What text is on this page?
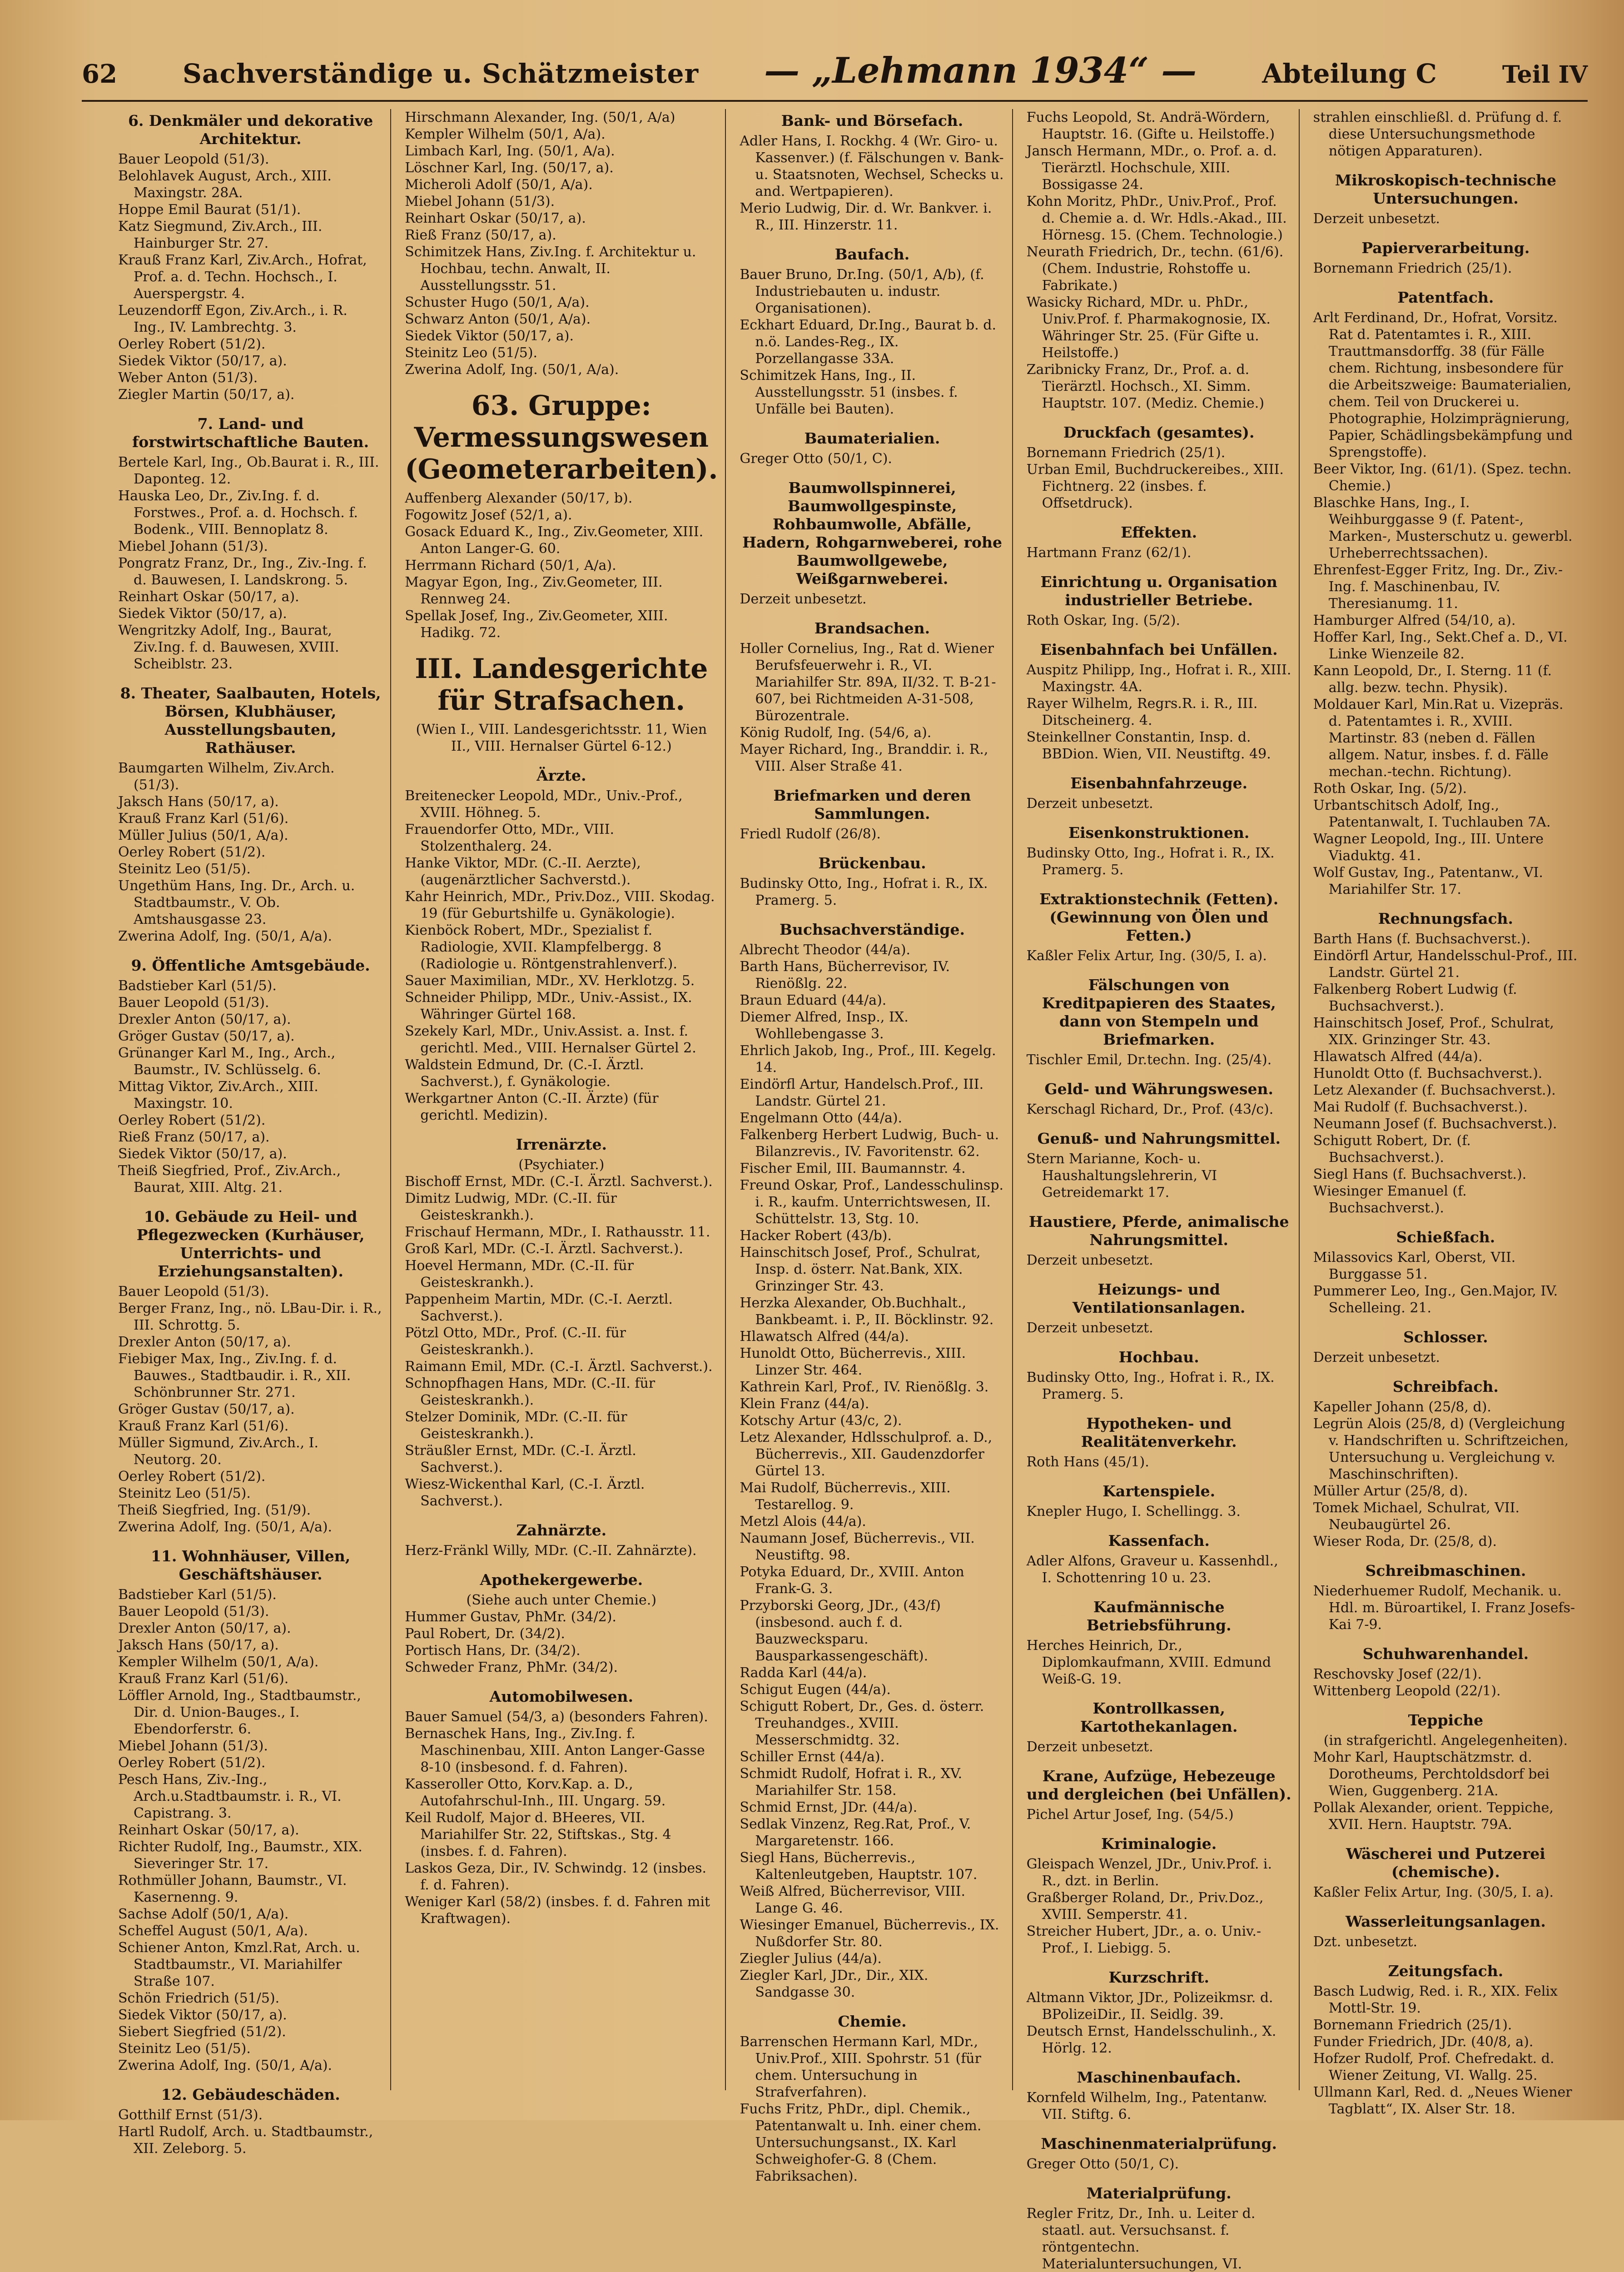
62 Sachverständige u. Schätzmeister — „Lehmann 1934“ — Abteilung C	Teil IV
6. Denkmäler und dekorative Architektur.
Bauer Leopold (51/3).
Belohlavek August, Arch., XIII. Maxingstr. 28A.
Hoppe Emil Baurat (51/1).
Katz Siegmund, Ziv.Arch., III. Hainburger Str. 27.
Krauß Franz Karl, Ziv.Arch., Hofrat, Prof. a. d. Techn. Hochsch., I. Auerspergstr. 4.
Leuzendorff Egon, Ziv.Arch., i. R. Ing., IV. Lambrechtg. 3.
Oerley Robert (51/2).
Siedek Viktor (50/17, a).
Weber Anton (51/3).
Ziegler Martin (50/17, a).
7. Land- und forstwirtschaftliche Bauten.
Bertele Karl, Ing., Ob.Baurat i. R., III. Daponteg. 12.
Hauska Leo, Dr., Ziv.Ing. f. d. Forstwes., Prof. a. d. Hochsch. f. Bodenk., VIII. Bennoplatz 8.
Miebel Johann (51/3).
Pongratz Franz, Dr., Ing., Ziv.-Ing. f. d. Bauwesen, I. Landskrong. 5.
Reinhart Oskar (50/17, a).
Siedek Viktor (50/17, a).
Wengritzky Adolf, Ing., Baurat, Ziv.Ing. f. d. Bauwesen, XVIII. Scheiblstr. 23.
8. Theater, Saalbauten, Hotels, Börsen, Klubhäuser, Ausstellungsbauten, Rathäuser.
Baumgarten Wilhelm, Ziv.Arch. (51/3).
Jaksch Hans (50/17, a).
Krauß Franz Karl (51/6).
Müller Julius (50/1, A/a).
Oerley Robert (51/2).
Steinitz Leo (51/5).
Ungethüm Hans, Ing. Dr., Arch. u. Stadtbaumstr., V. Ob. Amtshausgasse 23.
Zwerina Adolf, Ing. (50/1, A/a).
9. Öffentliche Amtsgebäude.
Badstieber Karl (51/5).
Bauer Leopold (51/3).
Drexler Anton (50/17, a).
Gröger Gustav (50/17, a).
Grünanger Karl M., Ing., Arch., Baumstr., IV. Schlüsselg. 6.
Mittag Viktor, Ziv.Arch., XIII. Maxingstr. 10.
Oerley Robert (51/2).
Rieß Franz (50/17, a).
Siedek Viktor (50/17, a).
Theiß Siegfried, Prof., Ziv.Arch., Baurat, XIII. Altg. 21.
10. Gebäude zu Heil- und Pflegezwecken (Kurhäuser, Unterrichts- und Erziehungsanstalten).
Bauer Leopold (51/3).
Berger Franz, Ing., nö. LBau-Dir. i. R., III. Schrottg. 5.
Drexler Anton (50/17, a).
Fiebiger Max, Ing., Ziv.Ing. f. d. Bauwes., Stadtbaudir. i. R., XII. Schönbrunner Str. 271.
Gröger Gustav (50/17, a).
Krauß Franz Karl (51/6).
Müller Sigmund, Ziv.Arch., I. Neutorg. 20.
Oerley Robert (51/2).
Steinitz Leo (51/5).
Theiß Siegfried, Ing. (51/9).
Zwerina Adolf, Ing. (50/1, A/a).
11. Wohnhäuser, Villen, Geschäftshäuser.
Badstieber Karl (51/5).
Bauer Leopold (51/3).
Drexler Anton (50/17, a).
Jaksch Hans (50/17, a).
Kempler Wilhelm (50/1, A/a).
Krauß Franz Karl (51/6).
Löffler Arnold, Ing., Stadtbaumstr., Dir. d. Union-Bauges., I. Ebendorferstr. 6.
Miebel Johann (51/3).
Oerley Robert (51/2).
Pesch Hans, Ziv.-Ing., Arch.u.Stadtbaumstr. i. R., VI. Capistrang. 3.
Reinhart Oskar (50/17, a).
Richter Rudolf, Ing., Baumstr., XIX. Sieveringer Str. 17.
Rothmüller Johann, Baumstr., VI. Kasernenng. 9.
Sachse Adolf (50/1, A/a).
Scheffel August (50/1, A/a).
Schiener Anton, Kmzl.Rat, Arch. u. Stadtbaumstr., VI. Mariahilfer Straße 107.
Schön Friedrich (51/5).
Siedek Viktor (50/17, a).
Siebert Siegfried (51/2).
Steinitz Leo (51/5).
Zwerina Adolf, Ing. (50/1, A/a).
12. Gebäudeschäden.
Gotthilf Ernst (51/3).
Hartl Rudolf, Arch. u. Stadtbaumstr., XII. Zeleborg. 5.
Hirschmann Alexander, Ing. (50/1, A/a)
Kempler Wilhelm (50/1, A/a).
Limbach Karl, Ing. (50/1, A/a).
Löschner Karl, Ing. (50/17, a).
Micheroli Adolf (50/1, A/a).
Miebel Johann (51/3).
Reinhart Oskar (50/17, a).
Rieß Franz (50/17, a).
Schimitzek Hans, Ziv.Ing. f. Architektur u. Hochbau, techn. Anwalt, II. Ausstellungsstr. 51.
Schuster Hugo (50/1, A/a).
Schwarz Anton (50/1, A/a).
Siedek Viktor (50/17, a).
Steinitz Leo (51/5).
Zwerina Adolf, Ing. (50/1, A/a).
63. Gruppe: Vermessungswesen (Geometerarbeiten).
Auffenberg Alexander (50/17, b).
Fogowitz Josef (52/1, a).
Gosack Eduard K., Ing., Ziv.Geometer, XIII. Anton Langer-G. 60.
Herrmann Richard (50/1, A/a).
Magyar Egon, Ing., Ziv.Geometer, III. Rennweg 24.
Spellak Josef, Ing., Ziv.Geometer, XIII. Hadikg. 72.
III. Landesgerichte für Strafsachen.
(Wien I., VIII. Landesgerichtsstr. 11, Wien II., VIII. Hernalser Gürtel 6-12.)
Ärzte.
Breitenecker Leopold, MDr., Univ.-Prof., XVIII. Höhneg. 5.
Frauendorfer Otto, MDr., VIII. Stolzenthalerg. 24.
Hanke Viktor, MDr. (C.-II. Aerzte), (augenärztlicher Sachverstd.).
Kahr Heinrich, MDr., Priv.Doz., VIII. Skodag. 19 (für Geburtshilfe u. Gynäkologie).
Kienböck Robert, MDr., Spezialist f. Radiologie, XVII. Klampfelbergg. 8 (Radiologie u. Röntgenstrahlenverf.).
Sauer Maximilian, MDr., XV. Herklotzg. 5.
Schneider Philipp, MDr., Univ.-Assist., IX. Währinger Gürtel 168.
Szekely Karl, MDr., Univ.Assist. a. Inst. f. gerichtl. Med., VIII. Hernalser Gürtel 2.
Waldstein Edmund, Dr. (C.-I. Ärztl. Sachverst.), f. Gynäkologie.
Werkgartner Anton (C.-II. Ärzte) (für gerichtl. Medizin).
Irrenärzte.
(Psychiater.)
Bischoff Ernst, MDr. (C.-I. Ärztl. Sachverst.).
Dimitz Ludwig, MDr. (C.-II. für Geisteskrankh.).
Frischauf Hermann, MDr., I. Rathausstr. 11.
Groß Karl, MDr. (C.-I. Ärztl. Sachverst.).
Hoevel Hermann, MDr. (C.-II. für Geisteskrankh.).
Pappenheim Martin, MDr. (C.-I. Aerztl. Sachverst.).
Pötzl Otto, MDr., Prof. (C.-II. für Geisteskrankh.).
Raimann Emil, MDr. (C.-I. Ärztl. Sachverst.).
Schnopfhagen Hans, MDr. (C.-II. für Geisteskrankh.).
Stelzer Dominik, MDr. (C.-II. für Geisteskrankh.).
Sträußler Ernst, MDr. (C.-I. Ärztl. Sachverst.).
Wiesz-Wickenthal Karl, (C.-I. Ärztl. Sachverst.).
Zahnärzte.
Herz-Fränkl Willy, MDr. (C.-II. Zahnärzte).
Apothekergewerbe.
(Siehe auch unter Chemie.)
Hummer Gustav, PhMr. (34/2).
Paul Robert, Dr. (34/2).
Portisch Hans, Dr. (34/2).
Schweder Franz, PhMr. (34/2).
Automobilwesen.
Bauer Samuel (54/3, a) (besonders Fahren).
Bernaschek Hans, Ing., Ziv.Ing. f. Maschinenbau, XIII. Anton Langer-Gasse 8-10 (insbesond. f. d. Fahren).
Kasseroller Otto, Korv.Kap. a. D., Autofahrschul-Inh., III. Ungarg. 59.
Keil Rudolf, Major d. BHeeres, VII. Mariahilfer Str. 22, Stiftskas., Stg. 4 (insbes. f. d. Fahren).
Laskos Geza, Dir., IV. Schwindg. 12 (insbes. f. d. Fahren).
Weniger Karl (58/2) (insbes. f. d. Fahren mit Kraftwagen).
Bank- und Börsefach.
Adler Hans, I. Rockhg. 4 (Wr. Giro- u. Kassenver.) (f. Fälschungen v. Bank- u. Staatsnoten, Wechsel, Schecks u. and. Wertpapieren).
Merio Ludwig, Dir. d. Wr. Bankver. i. R., III. Hinzerstr. 11.
Baufach.
Bauer Bruno, Dr.Ing. (50/1, A/b), (f. Industriebauten u. industr. Organisationen).
Eckhart Eduard, Dr.Ing., Baurat b. d. n.ö. Landes-Reg., IX. Porzellangasse 33A.
Schimitzek Hans, Ing., II. Ausstellungsstr. 51 (insbes. f. Unfälle bei Bauten).
Baumaterialien.
Greger Otto (50/1, C).
Baumwollspinnerei, Baumwollgespinste, Rohbaumwolle, Abfälle, Hadern, Rohgarnweberei, rohe Baumwollgewebe, Weißgarnweberei.
Derzeit unbesetzt.
Brandsachen.
Holler Cornelius, Ing., Rat d. Wiener Berufsfeuerwehr i. R., VI. Mariahilfer Str. 89A, II/32. T. B-21-607, bei Richtmeiden A-31-508, Bürozentrale.
König Rudolf, Ing. (54/6, a).
Mayer Richard, Ing., Branddir. i. R., VIII. Alser Straße 41.
Briefmarken und deren Sammlungen.
Friedl Rudolf (26/8).
Brückenbau.
Budinsky Otto, Ing., Hofrat i. R., IX. Pramerg. 5.
Buchsachverständige.
Albrecht Theodor (44/a).
Barth Hans, Bücherrevisor, IV. Rienößlg. 22.
Braun Eduard (44/a).
Diemer Alfred, Insp., IX. Wohllebengasse 3.
Ehrlich Jakob, Ing., Prof., III. Kegelg. 14.
Eindörfl Artur, Handelsch.Prof., III. Landstr. Gürtel 21.
Engelmann Otto (44/a).
Falkenberg Herbert Ludwig, Buch- u. Bilanzrevis., IV. Favoritenstr. 62.
Fischer Emil, III. Baumannstr. 4.
Freund Oskar, Prof., Landesschulinsp. i. R., kaufm. Unterrichtswesen, II. Schüttelstr. 13, Stg. 10.
Hacker Robert (43/b).
Hainschitsch Josef, Prof., Schulrat, Insp. d. österr. Nat.Bank, XIX. Grinzinger Str. 43.
Herzka Alexander, Ob.Buchhalt., Bankbeamt. i. P., II. Böcklinstr. 92.
Hlawatsch Alfred (44/a).
Hunoldt Otto, Bücherrevis., XIII. Linzer Str. 464.
Kathrein Karl, Prof., IV. Rienößlg. 3.
Klein Franz (44/a).
Kotschy Artur (43/c, 2).
Letz Alexander, Hdlsschulprof. a. D., Bücherrevis., XII. Gaudenzdorfer Gürtel 13.
Mai Rudolf, Bücherrevis., XIII. Testarellog. 9.
Metzl Alois (44/a).
Naumann Josef, Bücherrevis., VII. Neustiftg. 98.
Potyka Eduard, Dr., XVIII. Anton Frank-G. 3.
Przyborski Georg, JDr., (43/f) (insbesond. auch f. d. Bauzwecksparu. Bausparkassengeschäft).
Radda Karl (44/a).
Schigut Eugen (44/a).
Schigutt Robert, Dr., Ges. d. österr. Treuhandges., XVIII. Messerschmidtg. 32.
Schiller Ernst (44/a).
Schmidt Rudolf, Hofrat i. R., XV. Mariahilfer Str. 158.
Schmid Ernst, JDr. (44/a).
Sedlak Vinzenz, Reg.Rat, Prof., V. Margaretenstr. 166.
Siegl Hans, Bücherrevis., Kaltenleutgeben, Hauptstr. 107.
Weiß Alfred, Bücherrevisor, VIII. Lange G. 46.
Wiesinger Emanuel, Bücherrevis., IX. Nußdorfer Str. 80.
Ziegler Julius (44/a).
Ziegler Karl, JDr., Dir., XIX. Sandgasse 30.
Chemie.
Barrenschen Hermann Karl, MDr., Univ.Prof., XIII. Spohrstr. 51 (für chem. Untersuchung in Strafverfahren).
Fuchs Fritz, PhDr., dipl. Chemik., Patentanwalt u. Inh. einer chem. Untersuchungsanst., IX. Karl Schweighofer-G. 8 (Chem. Fabriksachen).
Fuchs Leopold, St. Andrä-Wördern, Hauptstr. 16. (Gifte u. Heilstoffe.)
Jansch Hermann, MDr., o. Prof. a. d. Tierärztl. Hochschule, XIII. Bossigasse 24.
Kohn Moritz, PhDr., Univ.Prof., Prof. d. Chemie a. d. Wr. Hdls.-Akad., III. Hörnesg. 15. (Chem. Technologie.)
Neurath Friedrich, Dr., techn. (61/6). (Chem. Industrie, Rohstoffe u. Fabrikate.)
Wasicky Richard, MDr. u. PhDr., Univ.Prof. f. Pharmakognosie, IX. Währinger Str. 25. (Für Gifte u. Heilstoffe.)
Zaribnicky Franz, Dr., Prof. a. d. Tierärztl. Hochsch., XI. Simm. Hauptstr. 107. (Mediz. Chemie.)
Druckfach (gesamtes).
Bornemann Friedrich (25/1).
Urban Emil, Buchdruckereibes., XIII. Fichtnerg. 22 (insbes. f. Offsetdruck).
Effekten.
Hartmann Franz (62/1).
Einrichtung u. Organisation industrieller Betriebe.
Roth Oskar, Ing. (5/2).
Eisenbahnfach bei Unfällen.
Auspitz Philipp, Ing., Hofrat i. R., XIII. Maxingstr. 4A.
Rayer Wilhelm, Regrs.R. i. R., III. Ditscheinerg. 4.
Steinkellner Constantin, Insp. d. BBDion. Wien, VII. Neustiftg. 49.
Eisenbahnfahrzeuge.
Derzeit unbesetzt.
Eisenkonstruktionen.
Budinsky Otto, Ing., Hofrat i. R., IX. Pramerg. 5.
Extraktionstechnik (Fetten). (Gewinnung von Ölen und Fetten.)
Kaßler Felix Artur, Ing. (30/5, I. a).
Fälschungen von Kreditpapieren des Staates, dann von Stempeln und Briefmarken.
Tischler Emil, Dr.techn. Ing. (25/4).
Geld- und Währungswesen.
Kerschagl Richard, Dr., Prof. (43/c).
Genuß- und Nahrungsmittel.
Stern Marianne, Koch- u. Haushaltungslehrerin, VI Getreidemarkt 17.
Haustiere, Pferde, animalische Nahrungsmittel.
Derzeit unbesetzt.
Heizungs- und Ventilationsanlagen.
Derzeit unbesetzt.
Hochbau.
Budinsky Otto, Ing., Hofrat i. R., IX. Pramerg. 5.
Hypotheken- und Realitätenverkehr.
Roth Hans (45/1).
Kartenspiele.
Knepler Hugo, I. Schellingg. 3.
Kassenfach.
Adler Alfons, Graveur u. Kassenhdl., I. Schottenring 10 u. 23.
Kaufmännische Betriebsführung.
Herches Heinrich, Dr., Diplomkaufmann, XVIII. Edmund Weiß-G. 19.
Kontrollkassen, Kartothekanlagen.
Derzeit unbesetzt.
Krane, Aufzüge, Hebezeuge und dergleichen (bei Unfällen).
Pichel Artur Josef, Ing. (54/5.)
Kriminalogie.
Gleispach Wenzel, JDr., Univ.Prof. i. R., dzt. in Berlin.
Graßberger Roland, Dr., Priv.Doz., XVIII. Semperstr. 41.
Streicher Hubert, JDr., a. o. Univ.-Prof., I. Liebigg. 5.
Kurzschrift.
Altmann Viktor, JDr., Polizeikmsr. d. BPolizeiDir., II. Seidlg. 39.
Deutsch Ernst, Handelsschulinh., X. Hörlg. 12.
Maschinenbaufach.
Kornfeld Wilhelm, Ing., Patentanw. VII. Stiftg. 6.
Maschinenmaterialprüfung.
Greger Otto (50/1, C).
Materialprüfung.
Regler Fritz, Dr., Inh. u. Leiter d. staatl. aut. Versuchsanst. f. röntgentechn. Materialuntersuchungen, VI.
strahlen einschließl. d. Prüfung d. f. diese Untersuchungsmethode nötigen Apparaturen).
Mikroskopisch-technische Untersuchungen.
Derzeit unbesetzt.
Papierverarbeitung.
Bornemann Friedrich (25/1).
Patentfach.
Arlt Ferdinand, Dr., Hofrat, Vorsitz. Rat d. Patentamtes i. R., XIII. Trauttmansdorffg. 38 (für Fälle chem. Richtung, insbesondere für die Arbeitszweige: Baumaterialien, chem. Teil von Druckerei u. Photographie, Holzimprägnierung, Papier, Schädlingsbekämpfung und Sprengstoffe).
Beer Viktor, Ing. (61/1). (Spez. techn. Chemie.)
Blaschke Hans, Ing., I. Weihburggasse 9 (f. Patent-, Marken-, Musterschutz u. gewerbl. Urheberrechtssachen).
Ehrenfest-Egger Fritz, Ing. Dr., Ziv.-Ing. f. Maschinenbau, IV. Theresianumg. 11.
Hamburger Alfred (54/10, a).
Hoffer Karl, Ing., Sekt.Chef a. D., VI. Linke Wienzeile 82.
Kann Leopold, Dr., I. Sterng. 11 (f. allg. bezw. techn. Physik).
Moldauer Karl, Min.Rat u. Vizepräs. d. Patentamtes i. R., XVIII. Martinstr. 83 (neben d. Fällen allgem. Natur, insbes. f. d. Fälle mechan.-techn. Richtung).
Roth Oskar, Ing. (5/2).
Urbantschitsch Adolf, Ing., Patentanwalt, I. Tuchlauben 7A.
Wagner Leopold, Ing., III. Untere Viaduktg. 41.
Wolf Gustav, Ing., Patentanw., VI. Mariahilfer Str. 17.
Rechnungsfach.
Barth Hans (f. Buchsachverst.).
Eindörfl Artur, Handelsschul-Prof., III. Landstr. Gürtel 21.
Falkenberg Robert Ludwig (f. Buchsachverst.).
Hainschitsch Josef, Prof., Schulrat, XIX. Grinzinger Str. 43.
Hlawatsch Alfred (44/a).
Hunoldt Otto (f. Buchsachverst.).
Letz Alexander (f. Buchsachverst.).
Mai Rudolf (f. Buchsachverst.).
Neumann Josef (f. Buchsachverst.).
Schigutt Robert, Dr. (f. Buchsachverst.).
Siegl Hans (f. Buchsachverst.).
Wiesinger Emanuel (f. Buchsachverst.).
Schießfach.
Milassovics Karl, Oberst, VII. Burggasse 51.
Pummerer Leo, Ing., Gen.Major, IV. Schelleing. 21.
Schlosser.
Derzeit unbesetzt.
Schreibfach.
Kapeller Johann (25/8, d).
Legrün Alois (25/8, d) (Vergleichung v. Handschriften u. Schriftzeichen, Untersuchung u. Vergleichung v. Maschinschriften).
Müller Artur (25/8, d).
Tomek Michael, Schulrat, VII. Neubaugürtel 26.
Wieser Roda, Dr. (25/8, d).
Schreibmaschinen.
Niederhuemer Rudolf, Mechanik. u. Hdl. m. Büroartikel, I. Franz Josefs-Kai 7-9.
Schuhwarenhandel.
Reschovsky Josef (22/1).
Wittenberg Leopold (22/1).
Teppiche
(in strafgerichtl. Angelegenheiten).
Mohr Karl, Hauptschätzmstr. d. Dorotheums, Perchtoldsdorf bei Wien, Guggenberg. 21A.
Pollak Alexander, orient. Teppiche, XVII. Hern. Hauptstr. 79A.
Wäscherei und Putzerei (chemische).
Kaßler Felix Artur, Ing. (30/5, I. a).
Wasserleitungsanlagen.
Dzt. unbesetzt.
Zeitungsfach.
Basch Ludwig, Red. i. R., XIX. Felix Mottl-Str. 19.
Bornemann Friedrich (25/1).
Funder Friedrich, JDr. (40/8, a).
Hofzer Rudolf, Prof. Chefredakt. d. Wiener Zeitung, VI. Wallg. 25.
Ullmann Karl, Red. d. „Neues Wiener Tagblatt“, IX. Alser Str. 18.
